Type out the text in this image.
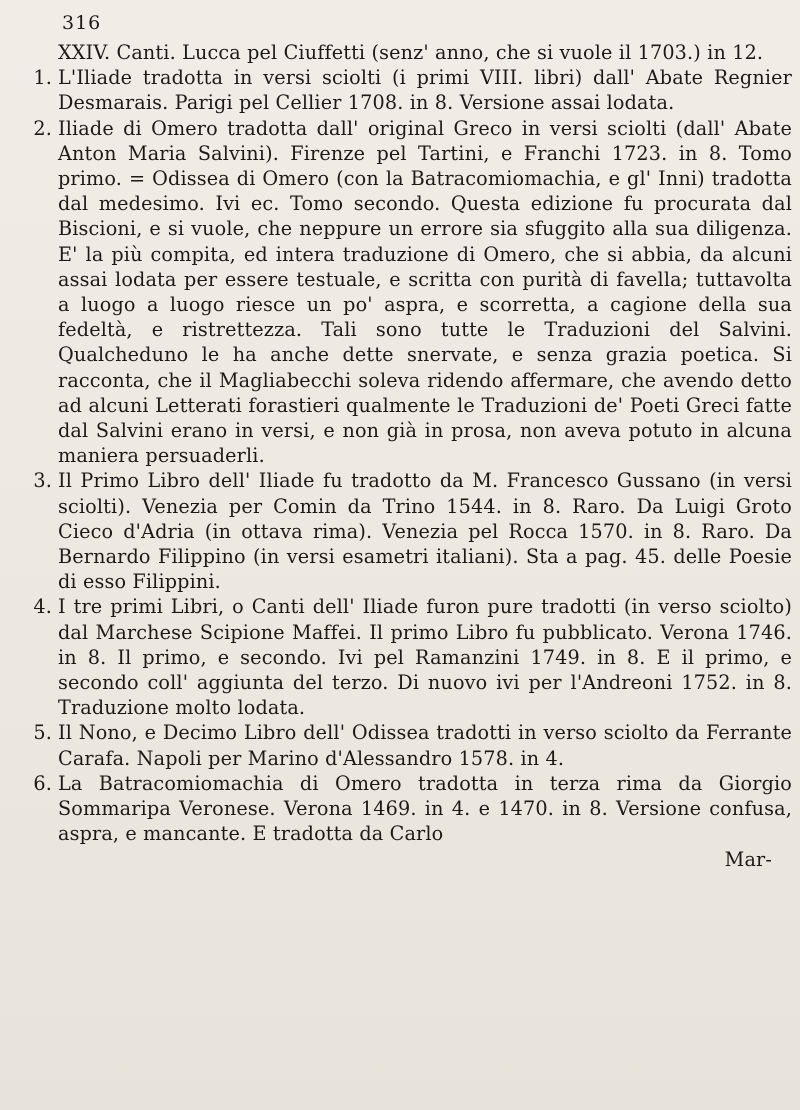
316
XXIV. Canti. Lucca pel Ciuffetti (senz' anno, che si vuole il 1703.) in 12.
1. L'Iliade tradotta in versi sciolti (i primi VIII. libri) dall' Abate Regnier Desmarais. Parigi pel Cellier 1708. in 8. Versione assai lodata.
2. Iliade di Omero tradotta dall' original Greco in versi sciolti (dall' Abate Anton Maria Salvini). Firenze pel Tartini, e Franchi 1723. in 8. Tomo primo. = Odissea di Omero (con la Batracomiomachia, e gl' Inni) tradotta dal medesimo. Ivi ec. Tomo secondo. Questa edizione fu procurata dal Biscioni, e si vuole, che neppure un errore sia sfuggito alla sua diligenza. E' la più compita, ed intera traduzione di Omero, che si abbia, da alcuni assai lodata per essere testuale, e scritta con purità di favella; tuttavolta a luogo a luogo riesce un po' aspra, e scorretta, a cagione della sua fedeltà, e ristrettezza. Tali sono tutte le Traduzioni del Salvini. Qualcheduno le ha anche dette snervate, e senza grazia poetica. Si racconta, che il Magliabecchi soleva ridendo affermare, che avendo detto ad alcuni Letterati forastieri qualmente le Traduzioni de' Poeti Greci fatte dal Salvini erano in versi, e non già in prosa, non aveva potuto in alcuna maniera persuaderli.
3. Il Primo Libro dell' Iliade fu tradotto da M. Francesco Gussano (in versi sciolti). Venezia per Comin da Trino 1544. in 8. Raro. Da Luigi Groto Cieco d'Adria (in ottava rima). Venezia pel Rocca 1570. in 8. Raro. Da Bernardo Filippino (in versi esametri italiani). Sta a pag. 45. delle Poesie di esso Filippini.
4. I tre primi Libri, o Canti dell' Iliade furon pure tradotti (in verso sciolto) dal Marchese Scipione Maffei. Il primo Libro fu pubblicato. Verona 1746. in 8. Il primo, e secondo. Ivi pel Ramanzini 1749. in 8. E il primo, e secondo coll' aggiunta del terzo. Di nuovo ivi per l'Andreoni 1752. in 8. Traduzione molto lodata.
5. Il Nono, e Decimo Libro dell' Odissea tradotti in verso sciolto da Ferrante Carafa. Napoli per Marino d'Alessandro 1578. in 4.
6. La Batracomiomachia di Omero tradotta in terza rima da Giorgio Sommaripa Veronese. Verona 1469. in 4. e 1470. in 8. Versione confusa, aspra, e mancante. E tradotta da Carlo
Mar-
